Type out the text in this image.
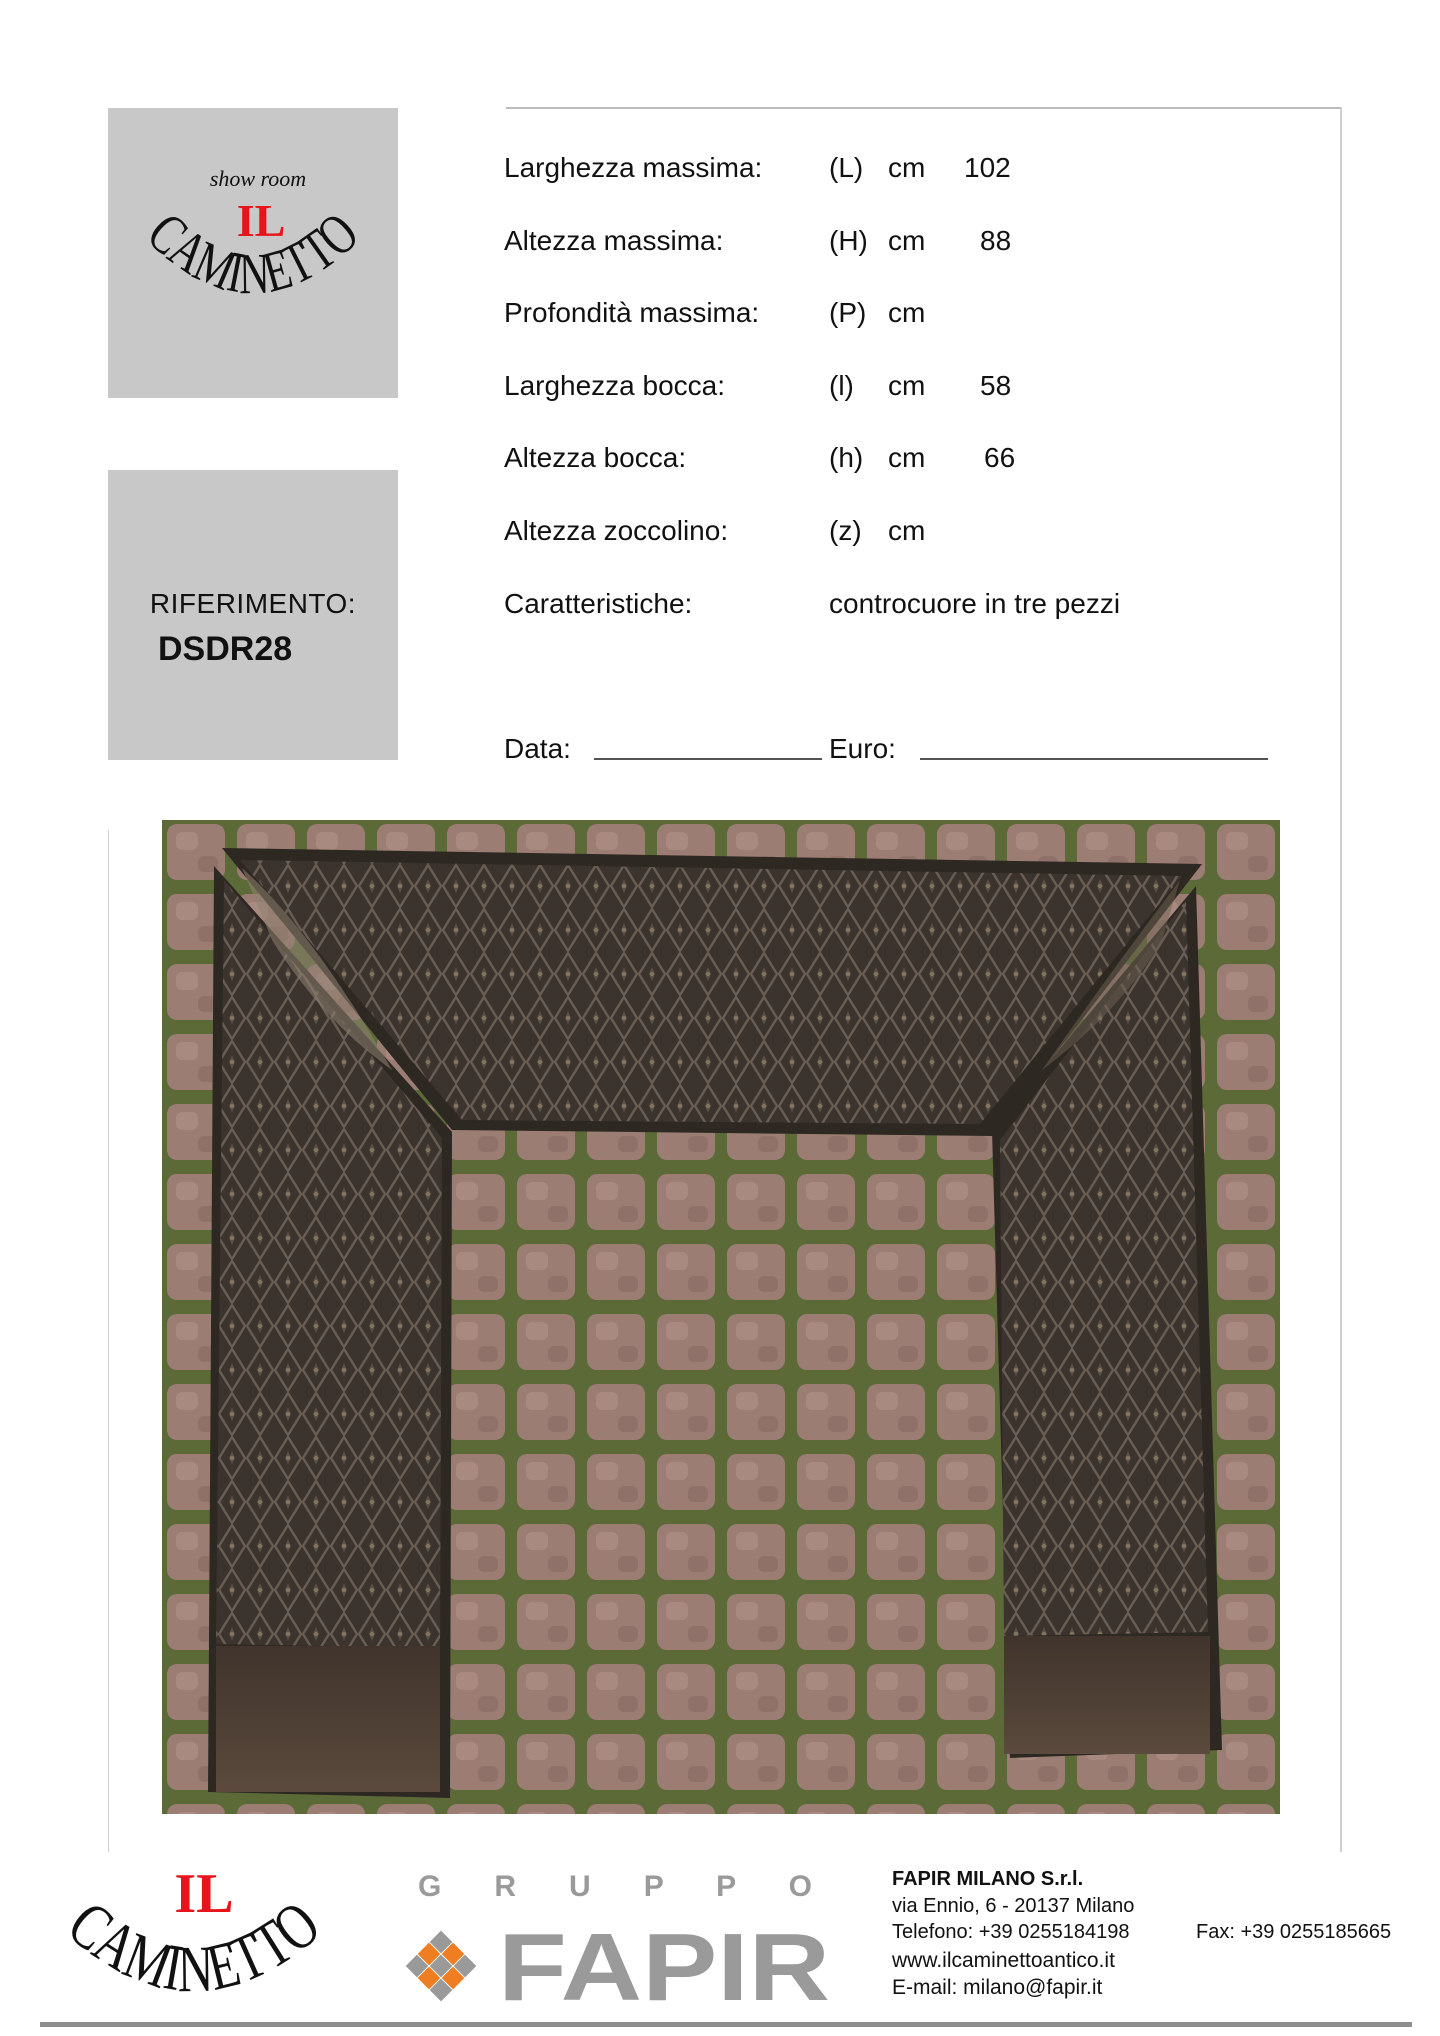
show room
IL
CAMINETTO
RIFERIMENTO:
DSDR28
Larghezza massima: (L) cm 102
Altezza massima:	(H) cm 88
Profondità massima: (P) cm
Larghezza bocca:	(l) cm 58
Altezza bocca:	(h) cm 66
Altezza zoccolino:	(z) cm
Caratteristiche:	controcuore in tre pezzi
Data:	Euro:
IL
CAMINETTO	G R U P P O
FAPIR
FAPIR MILANO S.r.l.
via Ennio, 6 - 20137 Milano
Telefono: +39 0255184198	Fax: +39 0255185665
www.ilcaminettoantico.it
E-mail: milano@fapir.it
